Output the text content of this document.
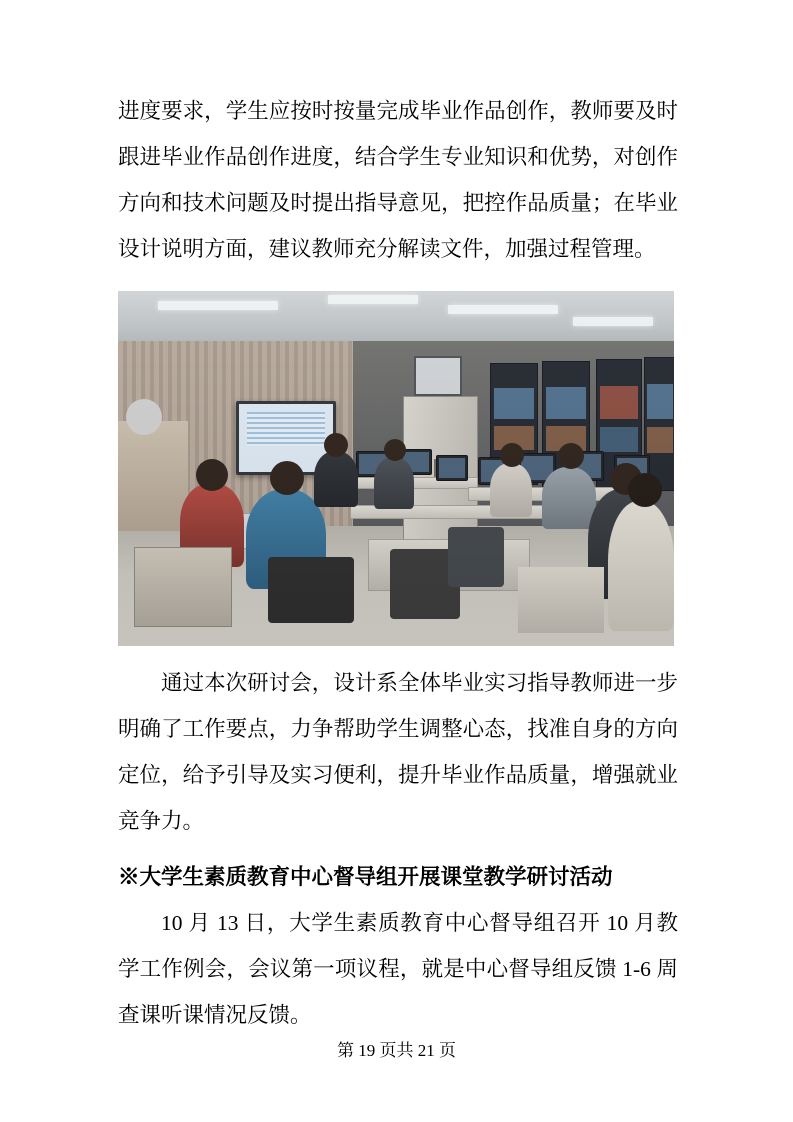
进度要求，学生应按时按量完成毕业作品创作，教师要及时跟进毕业作品创作进度，结合学生专业知识和优势，对创作方向和技术问题及时提出指导意见，把控作品质量；在毕业设计说明方面，建议教师充分解读文件，加强过程管理。

通过本次研讨会，设计系全体毕业实习指导教师进一步明确了工作要点，力争帮助学生调整心态，找准自身的方向定位，给予引导及实习便利，提升毕业作品质量，增强就业竞争力。

※大学生素质教育中心督导组开展课堂教学研讨活动

10 月 13 日，大学生素质教育中心督导组召开 10 月教学工作例会，会议第一项议程，就是中心督导组反馈 1-6 周查课听课情况反馈。

第 19 页共 21 页
